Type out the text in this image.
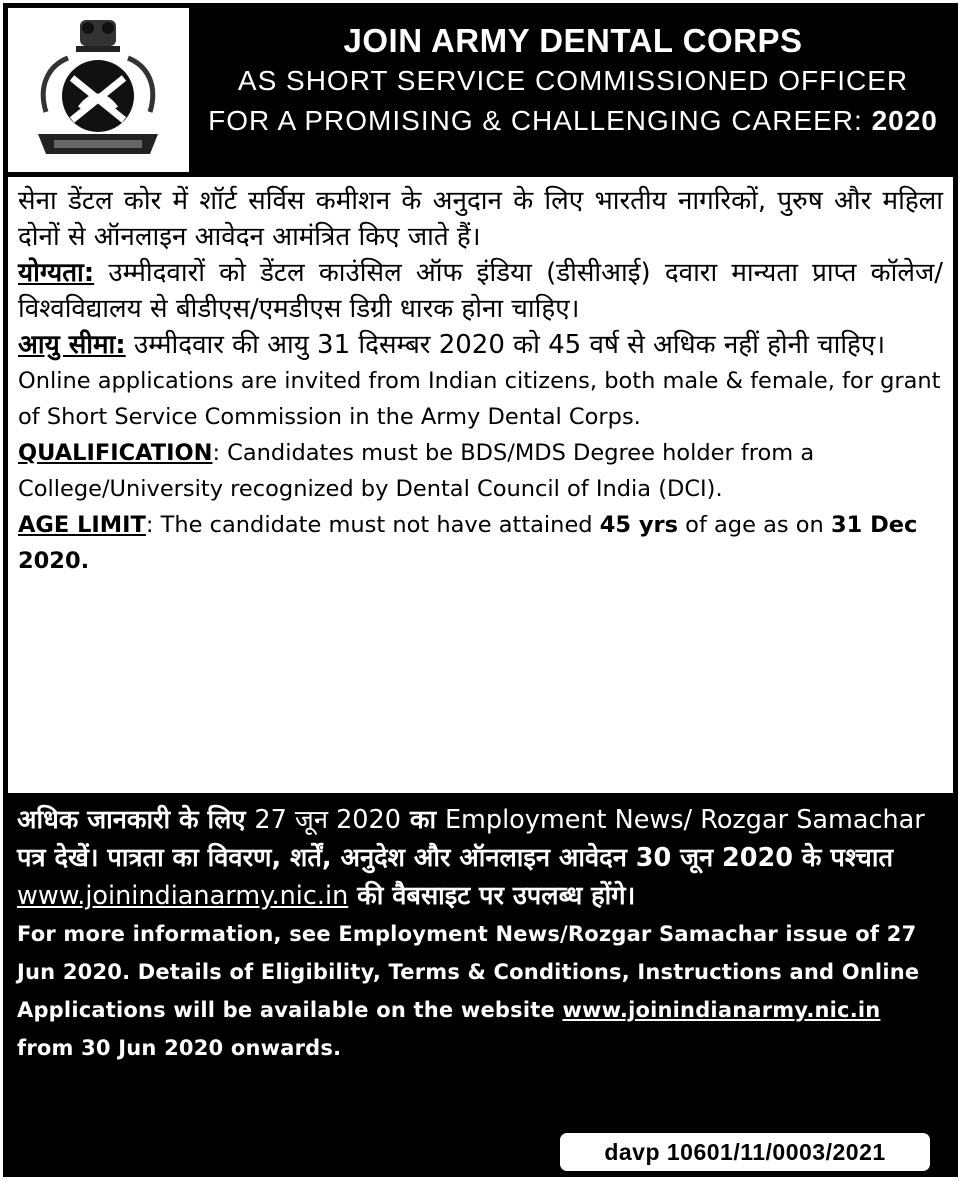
JOIN ARMY DENTAL CORPS
AS SHORT SERVICE COMMISSIONED OFFICER
FOR A PROMISING & CHALLENGING CAREER: 2020

सेना डेंटल कोर में शॉर्ट सर्विस कमीशन के अनुदान के लिए भारतीय नागरिकों, पुरुष और महिला दोनों से ऑनलाइन आवेदन आमंत्रित किए जाते हैं।

योग्यता: उम्मीदवारों को डेंटल काउंसिल ऑफ इंडिया (डीसीआई) दवारा मान्यता प्राप्त कॉलेज/विश्वविद्यालय से बीडीएस/एमडीएस डिग्री धारक होना चाहिए।

आयु सीमा: उम्मीदवार की आयु 31 दिसम्बर 2020 को 45 वर्ष से अधिक नहीं होनी चाहिए।

Online applications are invited from Indian citizens, both male & female, for grant of Short Service Commission in the Army Dental Corps.

QUALIFICATION: Candidates must be BDS/MDS Degree holder from a College/University recognized by Dental Council of India (DCI).

AGE LIMIT: The candidate must not have attained 45 yrs of age as on 31 Dec 2020.

अधिक जानकारी के लिए 27 जून 2020 का Employment News/ Rozgar Samachar पत्र देखें। पात्रता का विवरण, शर्तें, अनुदेश और ऑनलाइन आवेदन 30 जून 2020 के पश्चात www.joinindianarmy.nic.in की वैबसाइट पर उपलब्ध होंगे।

For more information, see Employment News/Rozgar Samachar issue of 27 Jun 2020. Details of Eligibility, Terms & Conditions, Instructions and Online Applications will be available on the website www.joinindianarmy.nic.in from 30 Jun 2020 onwards.

davp 10601/11/0003/2021
